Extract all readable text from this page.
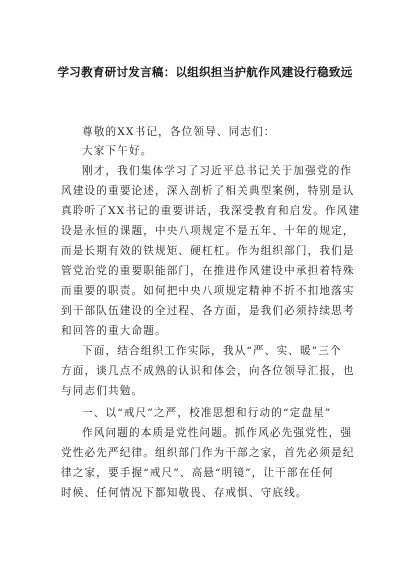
学习教育研讨发言稿：以组织担当护航作风建设行稳致远
尊敬的XX书记，各位领导、同志们：
大家下午好。
刚才，我们集体学习了习近平总书记关于加强党的作
风建设的重要论述，深入剖析了相关典型案例，特别是认
真聆听了XX书记的重要讲话，我深受教育和启发。作风建
设是永恒的课题，中央八项规定不是五年、十年的规定，
而是长期有效的铁规矩、硬杠杠。作为组织部门，我们是
管党治党的重要职能部门，在推进作风建设中承担着特殊
而重要的职责。如何把中央八项规定精神不折不扣地落实
到干部队伍建设的全过程、各方面，是我们必须持续思考
和回答的重大命题。
下面，结合组织工作实际，我从“严、实、暖”三个
方面，谈几点不成熟的认识和体会，向各位领导汇报，也
与同志们共勉。
一、以“戒尺”之严，校准思想和行动的“定盘星”
作风问题的本质是党性问题。抓作风必先强党性，强
党性必先严纪律。组织部门作为干部之家，首先必须是纪
律之家，要手握“戒尺”、高悬“明镜”，让干部在任何
时候、任何情况下都知敬畏、存戒惧、守底线。
